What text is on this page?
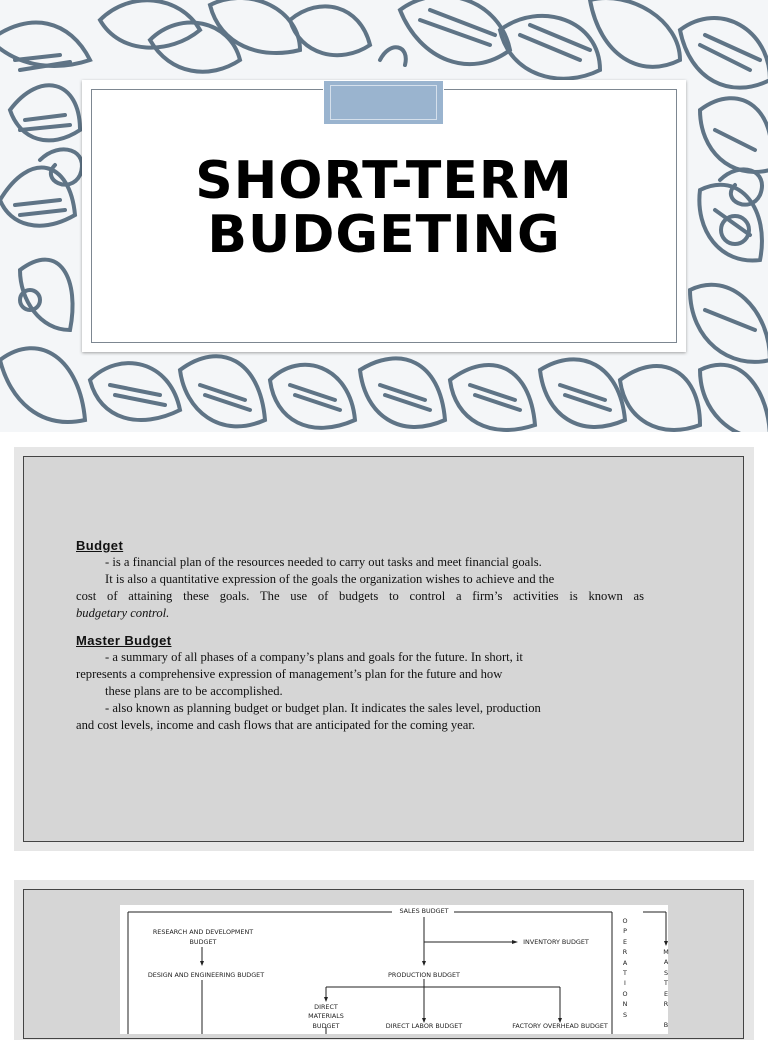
SHORT-TERM
BUDGETING

Budget

- is a financial plan of the resources needed to carry out tasks and meet financial goals.

It is also a quantitative expression of the goals the organization wishes to achieve and the

cost of attaining these goals. The use of budgets to control a firm’s activities is known as

budgetary control.

Master Budget

- a summary of all phases of a company’s plans and goals for the future. In short, it

represents a comprehensive expression of management’s plan for the future and how

these plans are to be accomplished.

- also known as planning budget or budget plan. It indicates the sales level, production

and cost levels, income and cash flows that are anticipated for the coming year.

SALES BUDGET
RESEARCH AND DEVELOPMENT
BUDGET	INVENTORY BUDGET
DESIGN AND ENGINEERING BUDGET	PRODUCTION BUDGET
DIRECT
MATERIALS
BUDGET	DIRECT LABOR BUDGET	FACTORY OVERHEAD BUDGET
O
P
E
R
A
T
I
O
N
S
M
A
S
T
E
R
B
